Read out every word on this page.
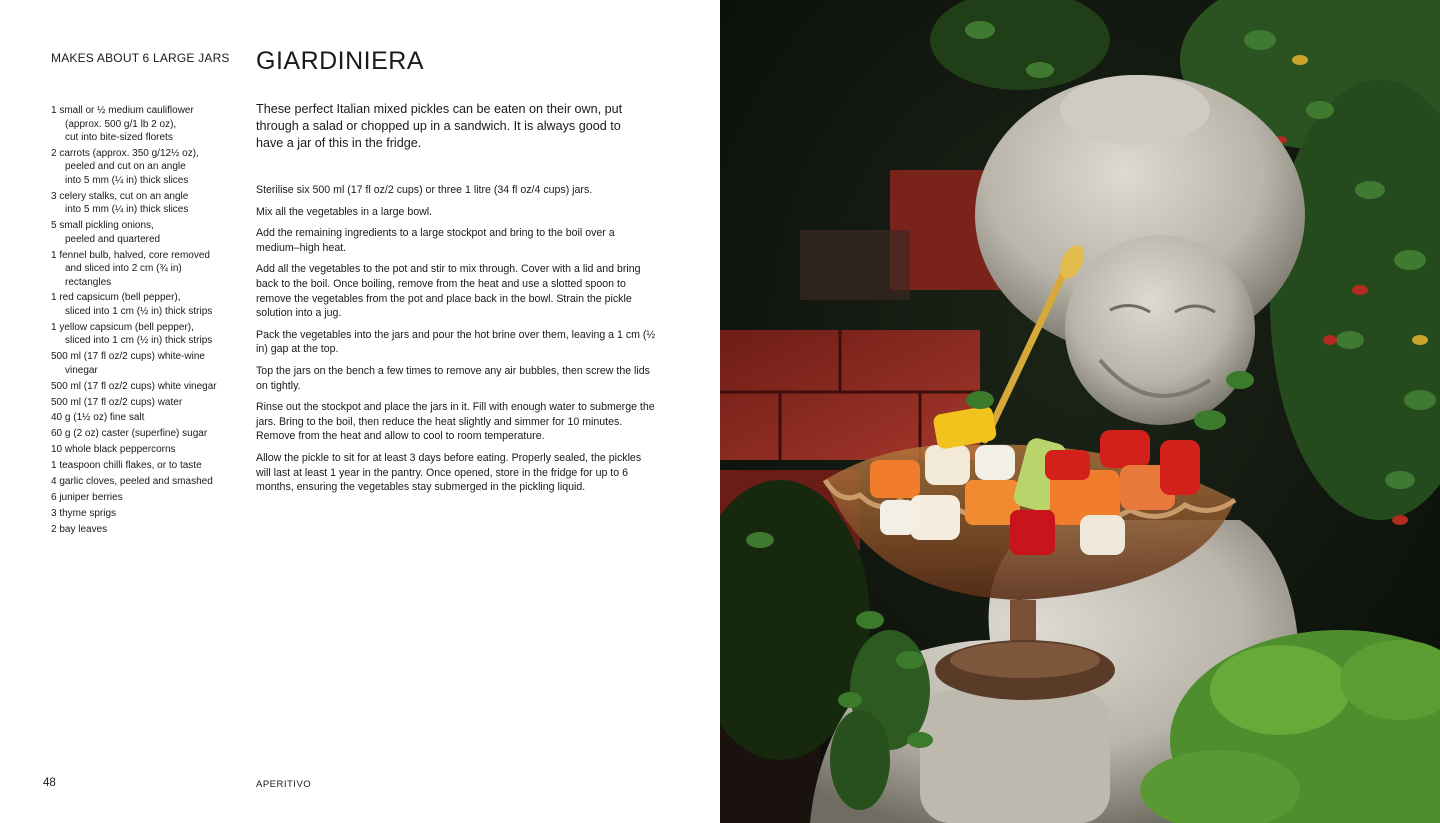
MAKES ABOUT 6 LARGE JARS GIARDINIERA
1 small or ½ medium cauliflower
(approx. 500 g/1 lb 2 oz),
cut into bite-sized florets
2 carrots (approx. 350 g/12½ oz),
peeled and cut on an angle
into 5 mm (¼ in) thick slices
3 celery stalks, cut on an angle
into 5 mm (¼ in) thick slices
5 small pickling onions,
peeled and quartered
1 fennel bulb, halved, core removed
and sliced into 2 cm (¾ in)
rectangles
1 red capsicum (bell pepper),
sliced into 1 cm (½ in) thick strips
1 yellow capsicum (bell pepper),
sliced into 1 cm (½ in) thick strips
500 ml (17 fl oz/2 cups) white-wine
vinegar
500 ml (17 fl oz/2 cups) white vinegar
500 ml (17 fl oz/2 cups) water
40 g (1½ oz) fine salt
60 g (2 oz) caster (superfine) sugar
10 whole black peppercorns
1 teaspoon chilli flakes, or to taste
4 garlic cloves, peeled and smashed
6 juniper berries
3 thyme sprigs
2 bay leaves
These perfect Italian mixed pickles can be eaten on their own, put through a salad or chopped up in a sandwich. It is always good to have a jar of this in the fridge.

Sterilise six 500 ml (17 fl oz/2 cups) or three 1 litre (34 fl oz/4 cups) jars.

Mix all the vegetables in a large bowl.

Add the remaining ingredients to a large stockpot and bring to the boil over a medium–high heat.

Add all the vegetables to the pot and stir to mix through. Cover with a lid and bring back to the boil. Once boiling, remove from the heat and use a slotted spoon to remove the vegetables from the pot and place back in the bowl. Strain the pickle solution into a jug.

Pack the vegetables into the jars and pour the hot brine over them, leaving a 1 cm (½ in) gap at the top.

Top the jars on the bench a few times to remove any air bubbles, then screw the lids on tightly.

Rinse out the stockpot and place the jars in it. Fill with enough water to submerge the jars. Bring to the boil, then reduce the heat slightly and simmer for 10 minutes. Remove from the heat and allow to cool to room temperature.

Allow the pickle to sit for at least 3 days before eating. Properly sealed, the pickles will last at least 1 year in the pantry. Once opened, store in the fridge for up to 6 months, ensuring the vegetables stay submerged in the pickling liquid.

48	APERITIVO
